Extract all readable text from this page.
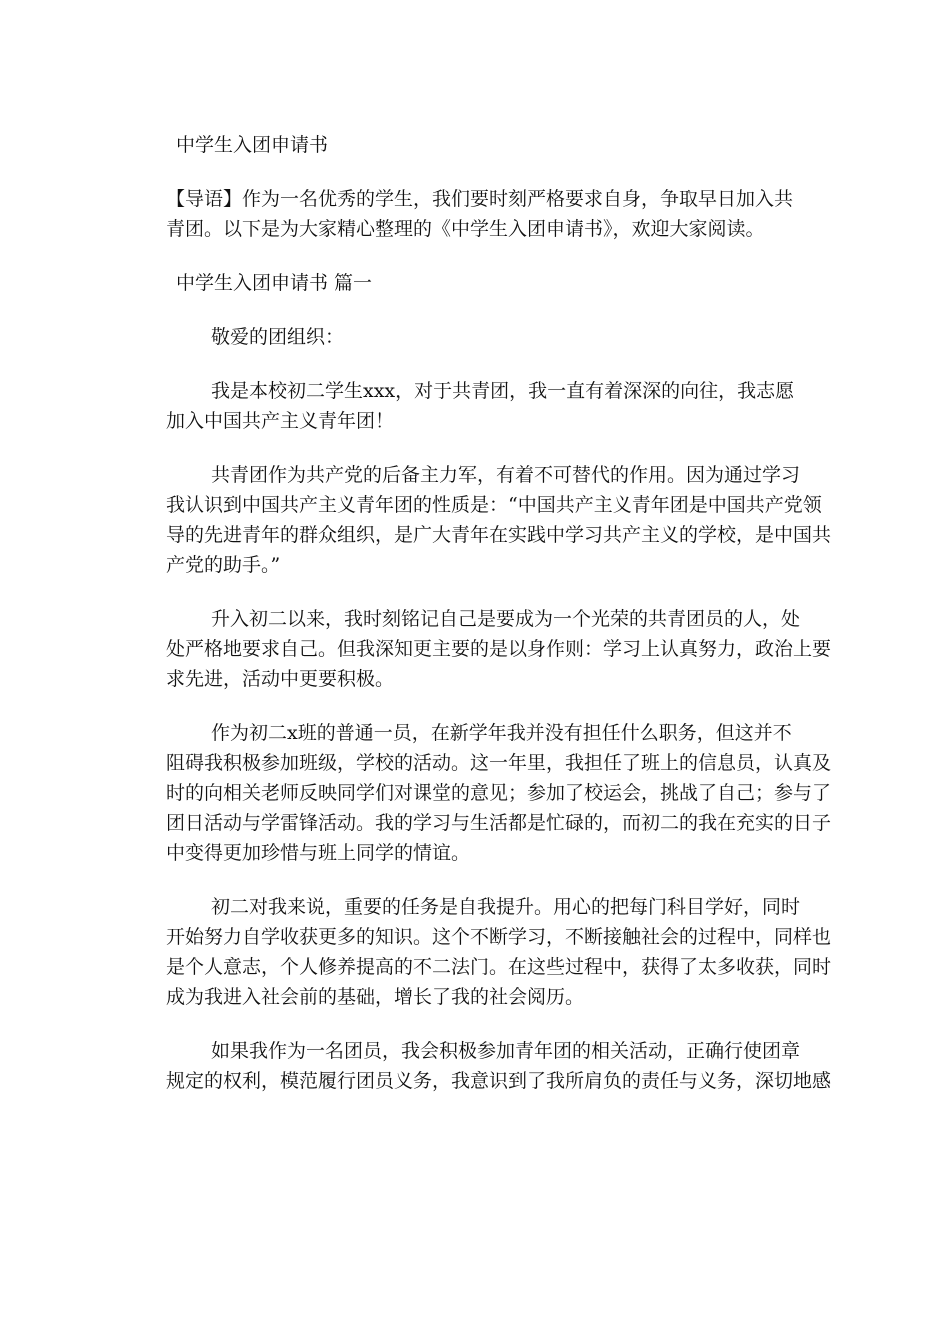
中学生入团申请书
【导语】作为一名优秀的学生，我们要时刻严格要求自身，争取早日加入共
青团。以下是为大家精心整理的《中学生入团申请书》，欢迎大家阅读。
中学生入团申请书 篇一
敬爱的团组织：
我是本校初二学生xxx，对于共青团，我一直有着深深的向往，我志愿
加入中国共产主义青年团！
共青团作为共产党的后备主力军，有着不可替代的作用。因为通过学习
我认识到中国共产主义青年团的性质是：“中国共产主义青年团是中国共产党领
导的先进青年的群众组织，是广大青年在实践中学习共产主义的学校，是中国共
产党的助手。”
升入初二以来，我时刻铭记自己是要成为一个光荣的共青团员的人，处
处严格地要求自己。但我深知更主要的是以身作则：学习上认真努力，政治上要
求先进，活动中更要积极。
作为初二x班的普通一员，在新学年我并没有担任什么职务，但这并不
阻碍我积极参加班级，学校的活动。这一年里，我担任了班上的信息员，认真及
时的向相关老师反映同学们对课堂的意见；参加了校运会，挑战了自己；参与了
团日活动与学雷锋活动。我的学习与生活都是忙碌的，而初二的我在充实的日子
中变得更加珍惜与班上同学的情谊。
初二对我来说，重要的任务是自我提升。用心的把每门科目学好，同时
开始努力自学收获更多的知识。这个不断学习，不断接触社会的过程中，同样也
是个人意志，个人修养提高的不二法门。在这些过程中，获得了太多收获，同时
成为我进入社会前的基础，增长了我的社会阅历。
如果我作为一名团员，我会积极参加青年团的相关活动，正确行使团章
规定的权利，模范履行团员义务，我意识到了我所肩负的责任与义务，深切地感
